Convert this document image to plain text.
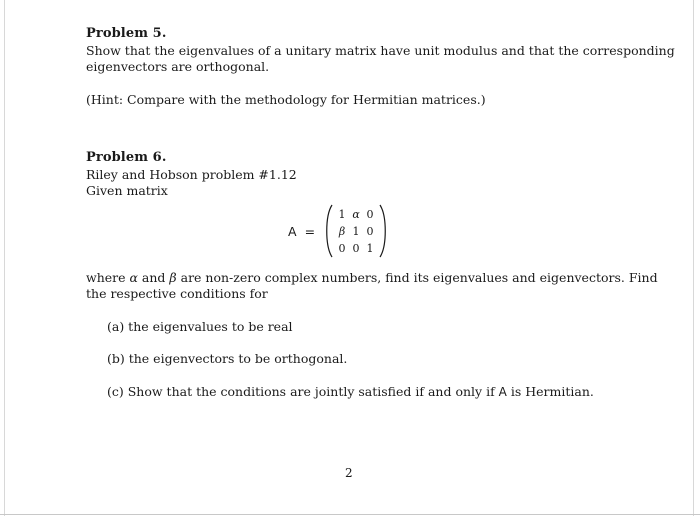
Problem 5.
Show that the eigenvalues of a unitary matrix have unit modulus and that the corresponding
eigenvectors are orthogonal.
(Hint: Compare with the methodology for Hermitian matrices.)
Problem 6.
Riley and Hobson problem #1.12
Given matrix
A =
1 α 0
β 1 0
0 0 1
where α and β are non-zero complex numbers, find its eigenvalues and eigenvectors. Find
the respective conditions for
(a) the eigenvalues to be real
(b) the eigenvectors to be orthogonal.
(c) Show that the conditions are jointly satisfied if and only if A is Hermitian.
2
